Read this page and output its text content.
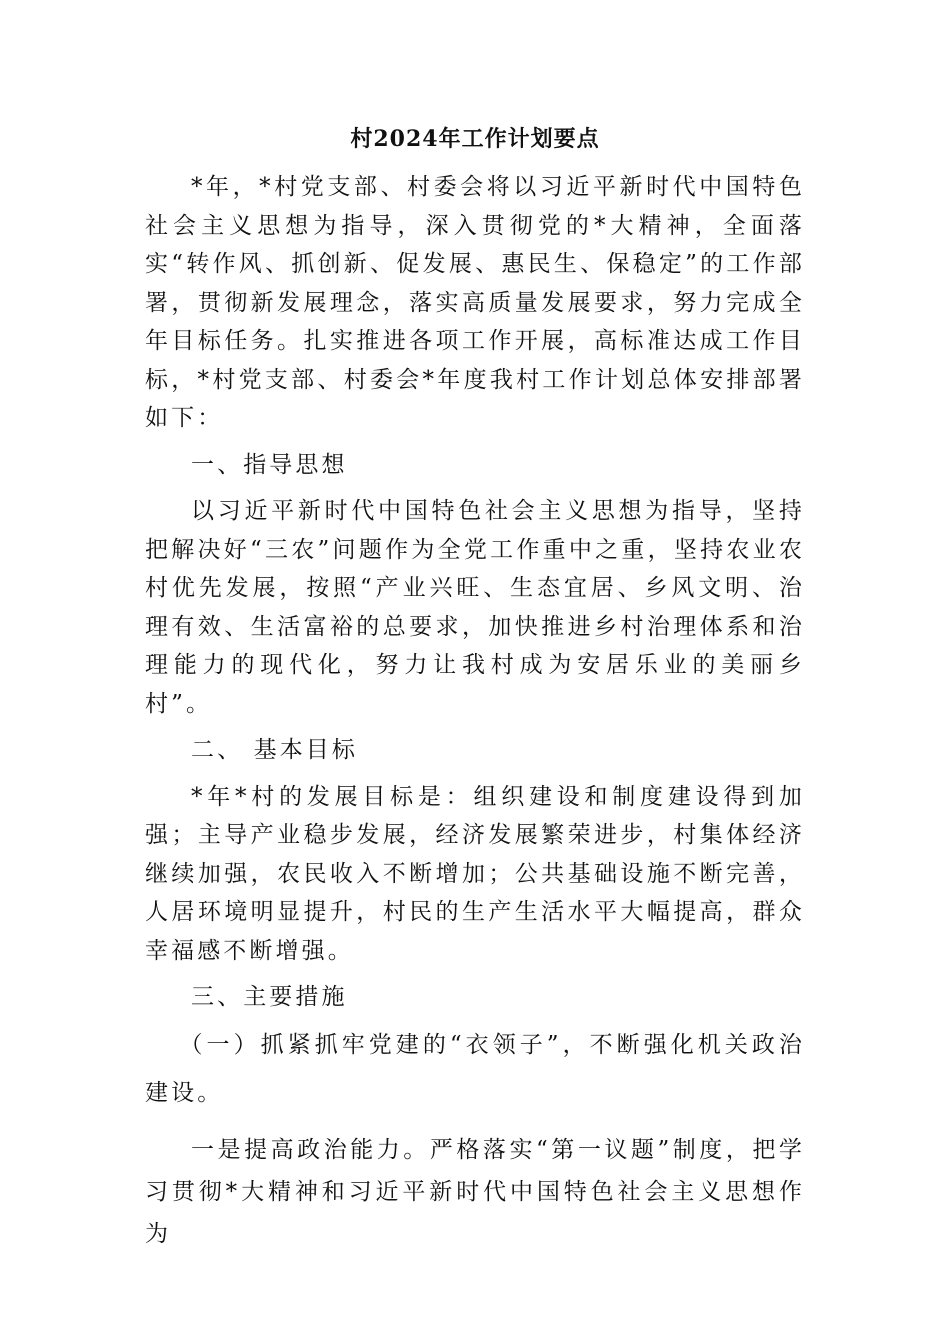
村2024年工作计划要点

*年，*村党支部、村委会将以习近平新时代中国特色社会主义思想为指导，深入贯彻党的*大精神，全面落实“转作风、抓创新、促发展、惠民生、保稳定”的工作部署，贯彻新发展理念，落实高质量发展要求，努力完成全年目标任务。扎实推进各项工作开展，高标准达成工作目标，*村党支部、村委会*年度我村工作计划总体安排部署如下：

一、指导思想

以习近平新时代中国特色社会主义思想为指导，坚持把解决好“三农”问题作为全党工作重中之重，坚持农业农村优先发展，按照“产业兴旺、生态宜居、乡风文明、治理有效、生活富裕的总要求，加快推进乡村治理体系和治理能力的现代化，努力让我村成为安居乐业的美丽乡村”。

二、 基本目标

*年*村的发展目标是：组织建设和制度建设得到加强；主导产业稳步发展，经济发展繁荣进步，村集体经济继续加强，农民收入不断增加；公共基础设施不断完善，人居环境明显提升，村民的生产生活水平大幅提高，群众幸福感不断增强。

三、主要措施

（一）抓紧抓牢党建的“衣领子”，不断强化机关政治建设。

一是提高政治能力。严格落实“第一议题”制度，把学习贯彻*大精神和习近平新时代中国特色社会主义思想作为
